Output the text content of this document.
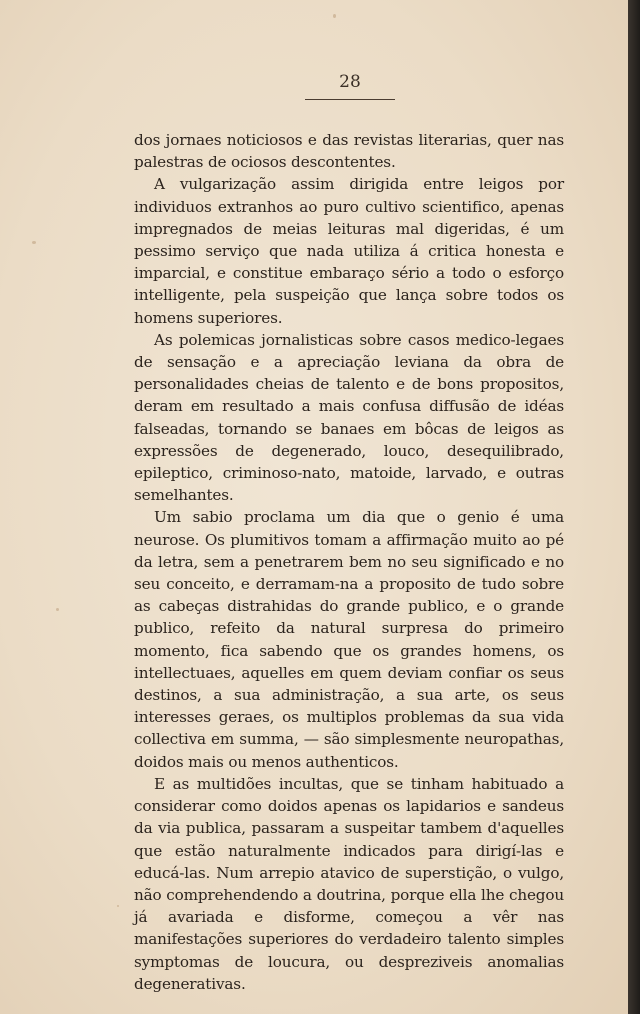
28

dos jornaes noticiosos e das revistas literarias, quer nas palestras de ociosos descontentes.

A vulgarização assim dirigida entre leigos por individuos extranhos ao puro cultivo scientifico, apenas impregnados de meias leituras mal digeridas, é um pessimo serviço que nada utiliza á critica honesta e imparcial, e constitue embaraço sério a todo o esforço intelligente, pela suspeição que lança sobre todos os homens superiores.

As polemicas jornalisticas sobre casos medico-legaes de sensação e a apreciação leviana da obra de personalidades cheias de talento e de bons propositos, deram em resultado a mais confusa diffusão de idéas falseadas, tornando se banaes em bôcas de leigos as expressões de degenerado, louco, desequilibrado, epileptico, criminoso-nato, matoide, larvado, e outras semelhantes.

Um sabio proclama um dia que o genio é uma neurose. Os plumitivos tomam a affirmação muito ao pé da letra, sem a penetrarem bem no seu significado e no seu conceito, e derramam-na a proposito de tudo sobre as cabeças distrahidas do grande publico, e o grande publico, refeito da natural surpresa do primeiro momento, fica sabendo que os grandes homens, os intellectuaes, aquelles em quem deviam confiar os seus destinos, a sua administração, a sua arte, os seus interesses geraes, os multiplos problemas da sua vida collectiva em summa, — são simplesmente neuropathas, doidos mais ou menos authenticos.

E as multidões incultas, que se tinham habituado a considerar como doidos apenas os lapidarios e sandeus da via publica, passaram a suspeitar tambem d'aquelles que estão naturalmente indicados para dirigí-las e educá-las. Num arrepio atavico de superstição, o vulgo, não comprehendendo a doutrina, porque ella lhe chegou já avariada e disforme, começou a vêr nas manifestações superiores do verdadeiro talento simples symptomas de loucura, ou despreziveis anomalias degenerativas.
